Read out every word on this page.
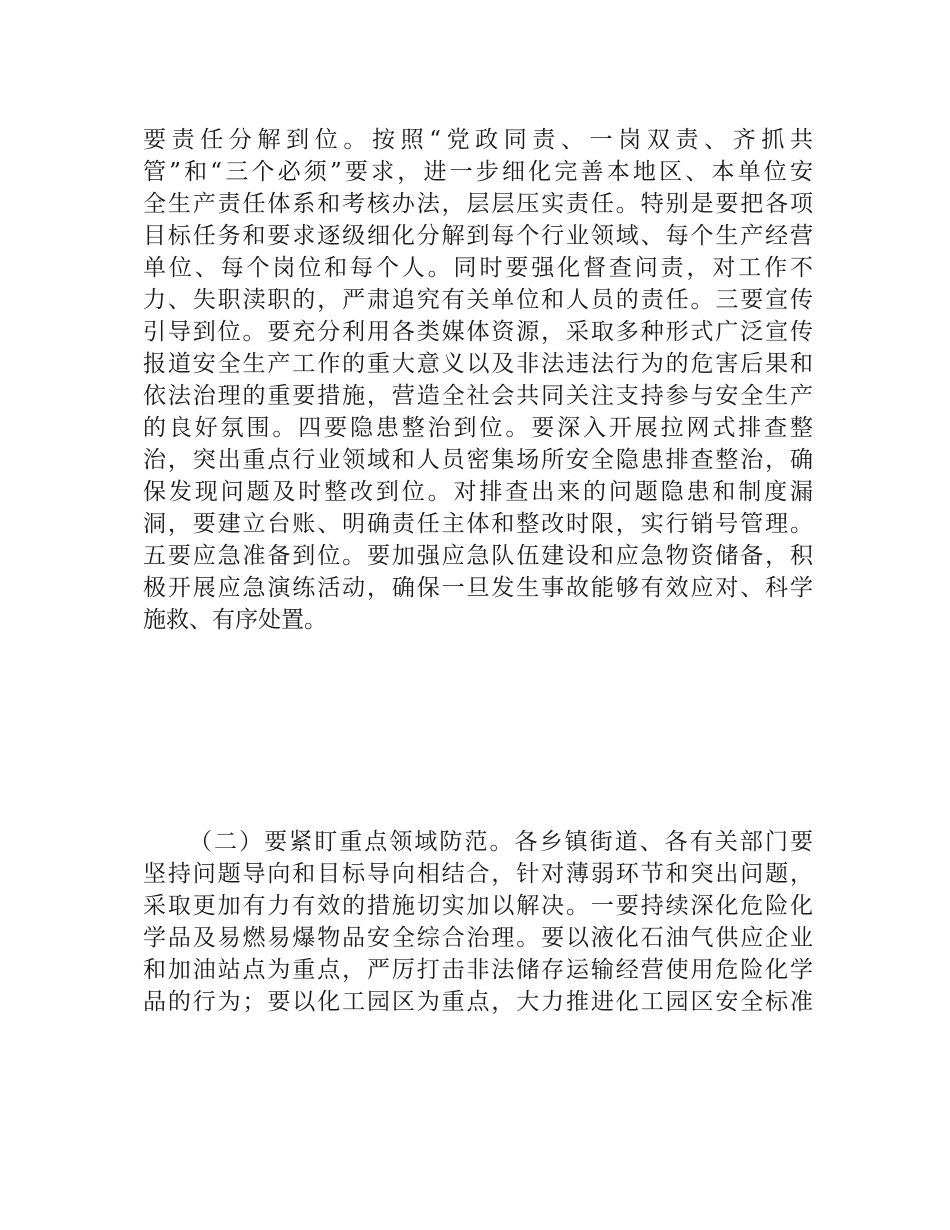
要责任分解到位。按照“党政同责、一岗双责、齐抓共
管”和“三个必须”要求，进一步细化完善本地区、本单位安
全生产责任体系和考核办法，层层压实责任。特别是要把各项
目标任务和要求逐级细化分解到每个行业领域、每个生产经营
单位、每个岗位和每个人。同时要强化督查问责，对工作不
力、失职渎职的，严肃追究有关单位和人员的责任。三要宣传
引导到位。要充分利用各类媒体资源，采取多种形式广泛宣传
报道安全生产工作的重大意义以及非法违法行为的危害后果和
依法治理的重要措施，营造全社会共同关注支持参与安全生产
的良好氛围。四要隐患整治到位。要深入开展拉网式排查整
治，突出重点行业领域和人员密集场所安全隐患排查整治，确
保发现问题及时整改到位。对排查出来的问题隐患和制度漏
洞，要建立台账、明确责任主体和整改时限，实行销号管理。
五要应急准备到位。要加强应急队伍建设和应急物资储备，积
极开展应急演练活动，确保一旦发生事故能够有效应对、科学
施救、有序处置。
（二）要紧盯重点领域防范。各乡镇街道、各有关部门要
坚持问题导向和目标导向相结合，针对薄弱环节和突出问题，
采取更加有力有效的措施切实加以解决。一要持续深化危险化
学品及易燃易爆物品安全综合治理。要以液化石油气供应企业
和加油站点为重点，严厉打击非法储存运输经营使用危险化学
品的行为；要以化工园区为重点，大力推进化工园区安全标准
